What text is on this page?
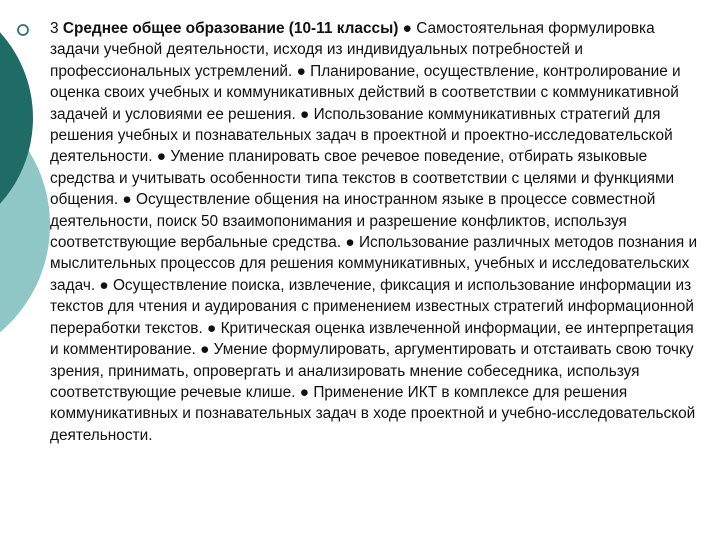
3 Среднее общее образование (10-11 классы) ● Самостоятельная формулировка задачи учебной деятельности, исходя из индивидуальных потребностей и профессиональных устремлений. ● Планирование, осуществление, контролирование и оценка своих учебных и коммуникативных действий в соответствии с коммуникативной задачей и условиями ее решения. ● Использование коммуникативных стратегий для решения учебных и познавательных задач в проектной и проектно-исследовательской деятельности. ● Умение планировать свое речевое поведение, отбирать языковые средства и учитывать особенности типа текстов в соответствии с целями и функциями общения. ● Осуществление общения на иностранном языке в процессе совместной деятельности, поиск 50 взаимопонимания и разрешение конфликтов, используя соответствующие вербальные средства. ● Использование различных методов познания и мыслительных процессов для решения коммуникативных, учебных и исследовательских задач. ● Осуществление поиска, извлечение, фиксация и использование информации из текстов для чтения и аудирования с применением известных стратегий информационной переработки текстов. ● Критическая оценка извлеченной информации, ее интерпретация и комментирование. ● Умение формулировать, аргументировать и отстаивать свою точку зрения, принимать, опровергать и анализировать мнение собеседника, используя соответствующие речевые клише. ● Применение ИКТ в комплексе для решения коммуникативных и познавательных задач в ходе проектной и учебно-исследовательской деятельности.
